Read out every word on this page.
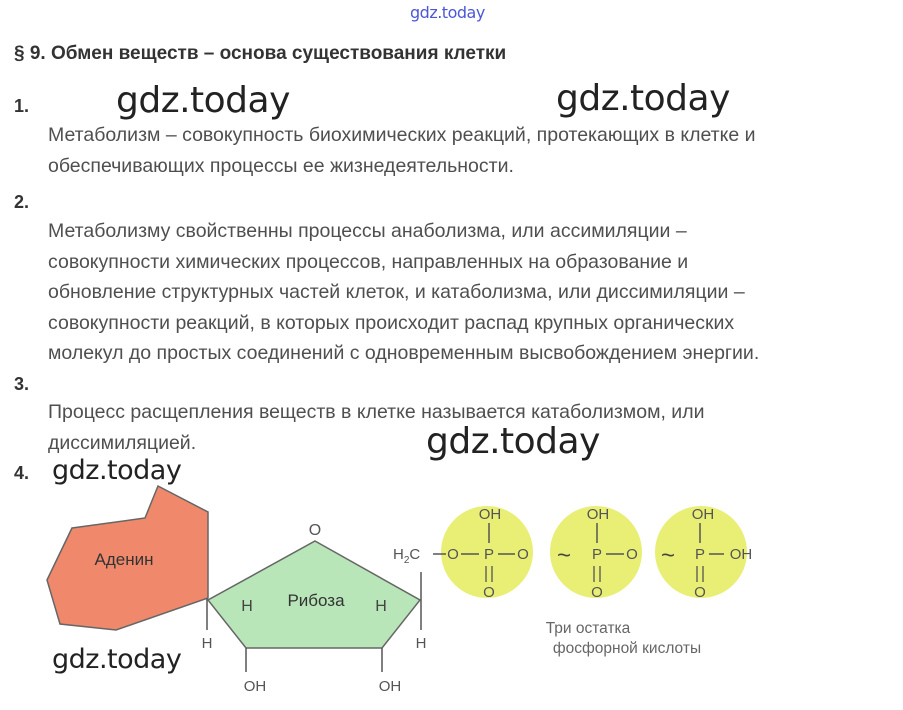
gdz.today
§ 9. Обмен веществ – основа существования клетки
1.
Метаболизм – совокупность биохимических реакций, протекающих в клетке и
обеспечивающих процессы ее жизнедеятельности.
2.
Метаболизму свойственны процессы анаболизма, или ассимиляции –
совокупности химических процессов, направленных на образование и
обновление структурных частей клеток, и катаболизма, или диссимиляции –
совокупности реакций, в которых происходит распад крупных органических
молекул до простых соединений с одновременным высвобождением энергии.
3.
Процесс расщепления веществ в клетке называется катаболизмом, или
диссимиляцией.
4.
Аденин
O
Рибоза
H	H
H	H
OH	OH
$H_2C$ O P O
OH
O
~ P O
OH
O
~ P OH
OH
O
Три остатка
фосфорной кислоты
gdz.today	gdz.today
gdz.today
gdz.today
gdz.today
